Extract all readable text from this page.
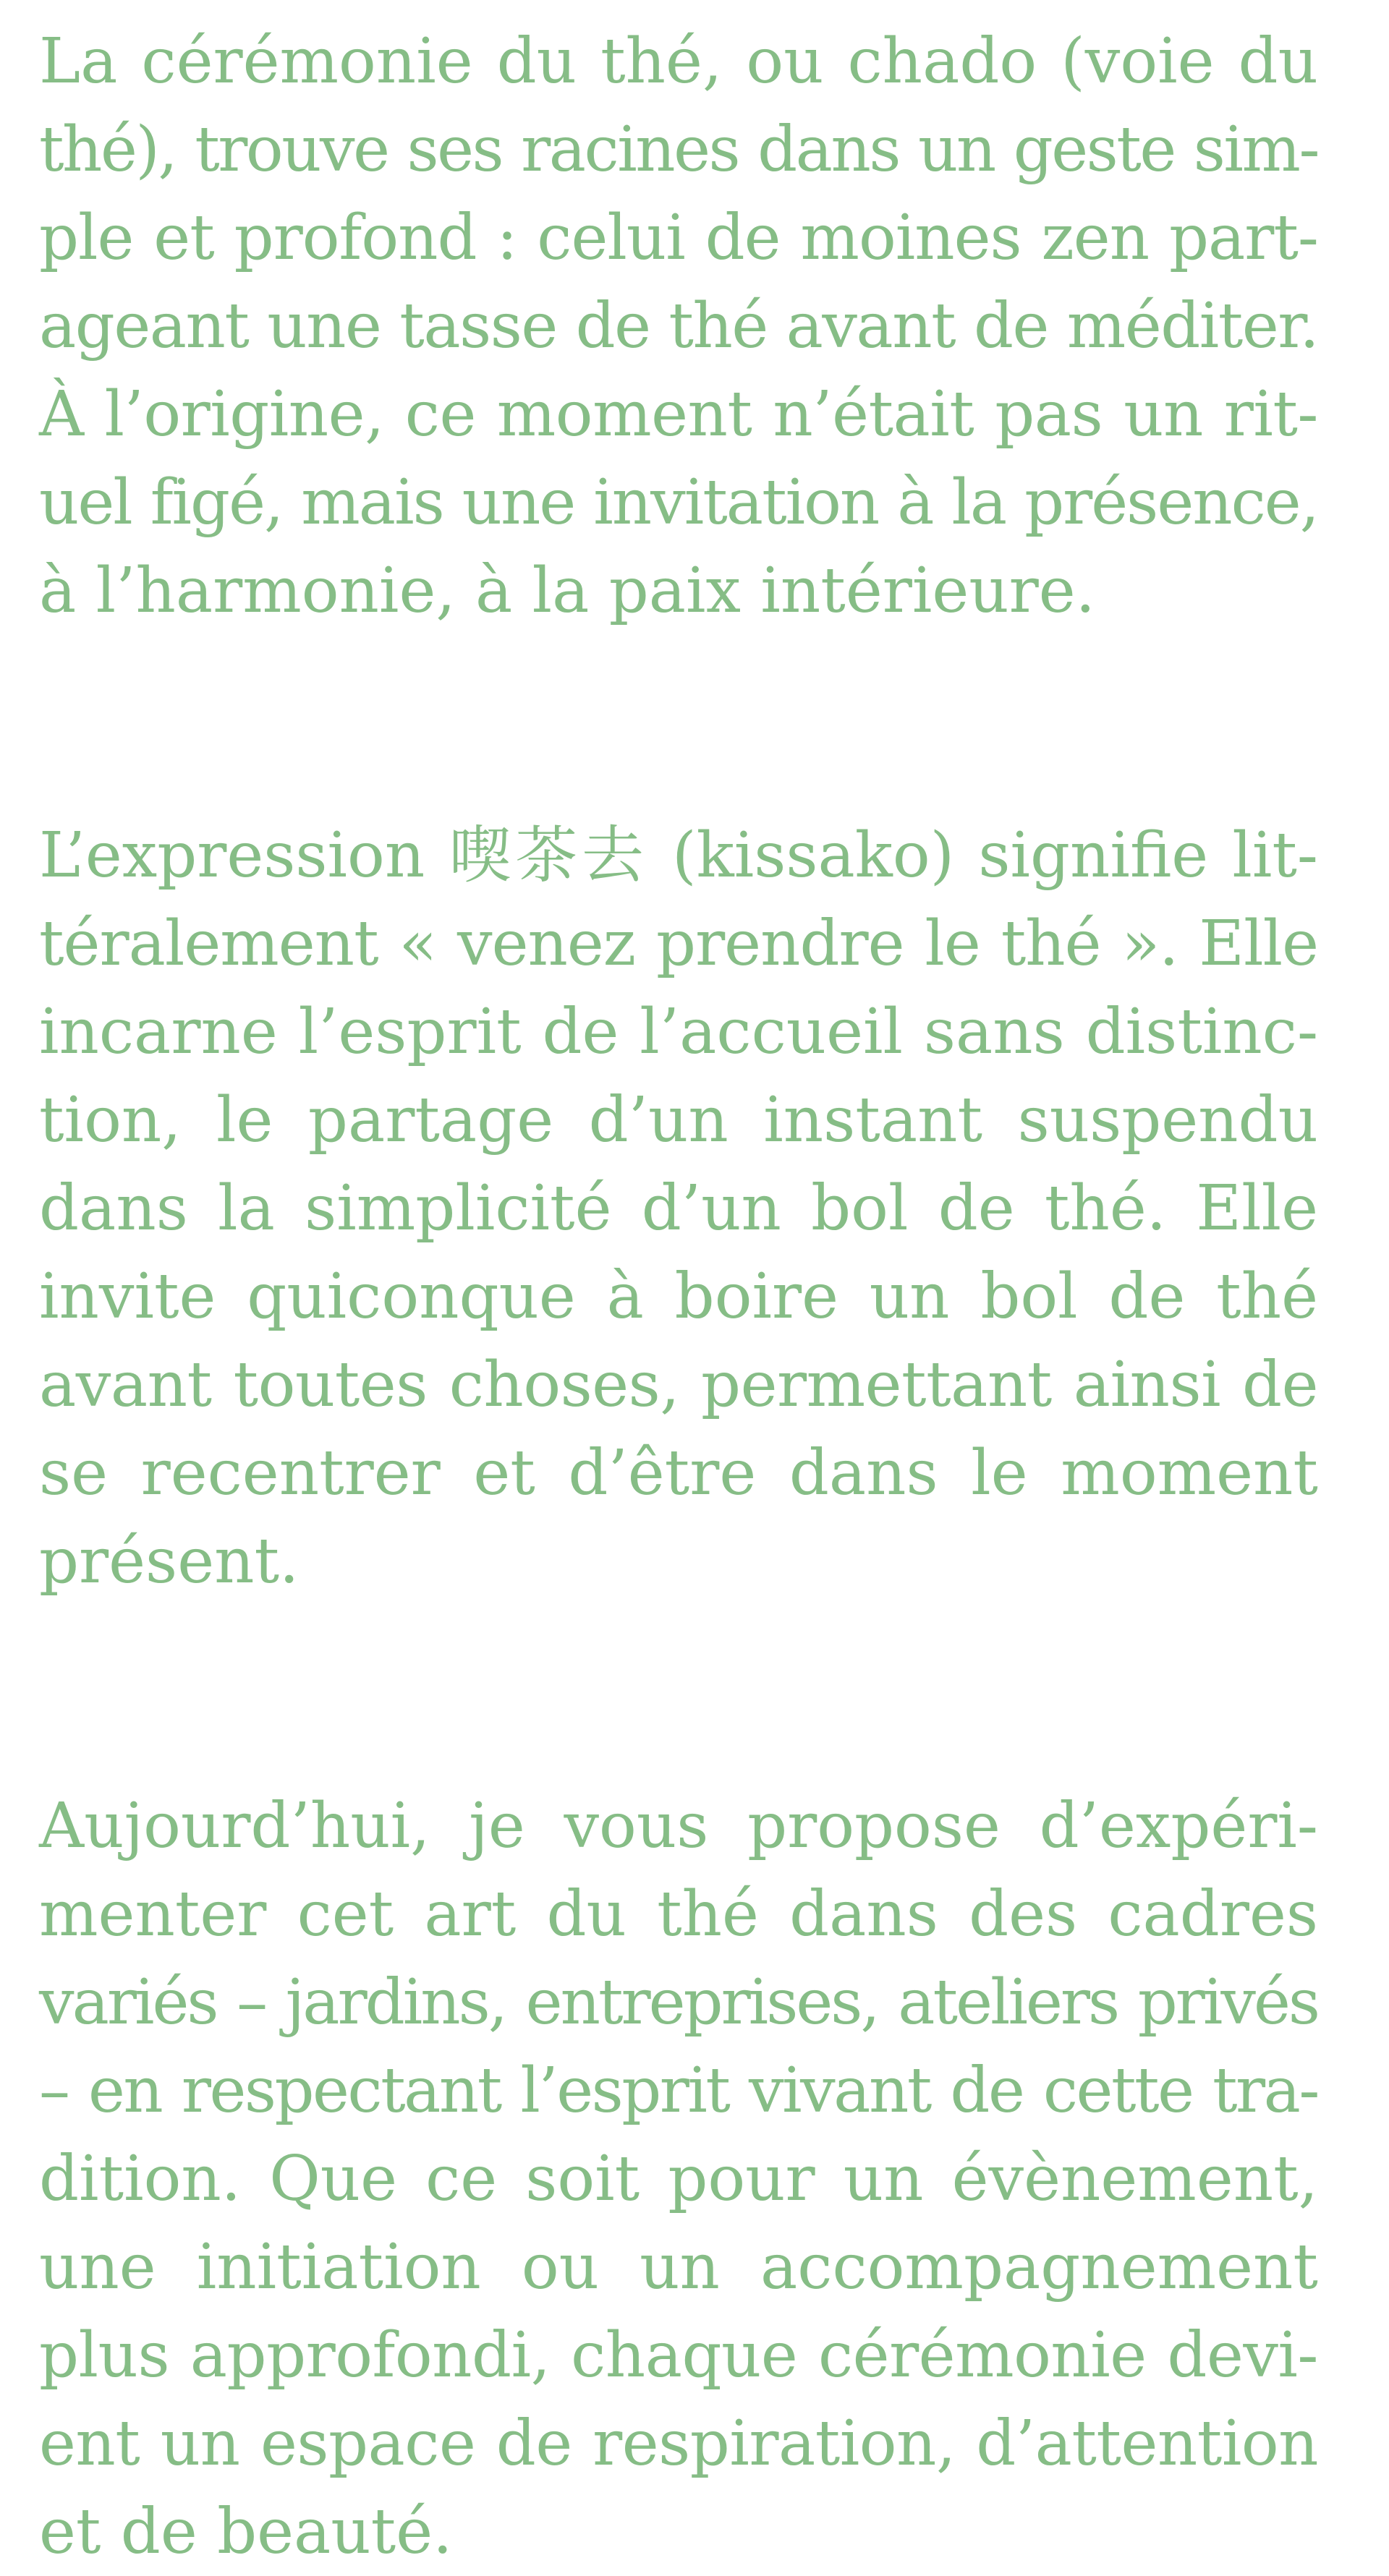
La cérémonie du thé, ou chado (voie du
thé), trouve ses racines dans un geste sim-
ple et profond : celui de moines zen part-
ageant une tasse de thé avant de méditer.
À l’origine, ce moment n’était pas un rit-
uel figé, mais une invitation à la présence,
à l’harmonie, à la paix intérieure.

L’expression 喫茶去 (kissako) signifie lit-
téralement « venez prendre le thé ». Elle
incarne l’esprit de l’accueil sans distinc-
tion, le partage d’un instant suspendu
dans la simplicité d’un bol de thé. Elle
invite quiconque à boire un bol de thé
avant toutes choses, permettant ainsi de
se recentrer et d’être dans le moment
présent.

Aujourd’hui, je vous propose d’expéri-
menter cet art du thé dans des cadres
variés – jardins, entreprises, ateliers privés
– en respectant l’esprit vivant de cette tra-
dition. Que ce soit pour un évènement,
une initiation ou un accompagnement
plus approfondi, chaque cérémonie devi-
ent un espace de respiration, d’attention
et de beauté.
